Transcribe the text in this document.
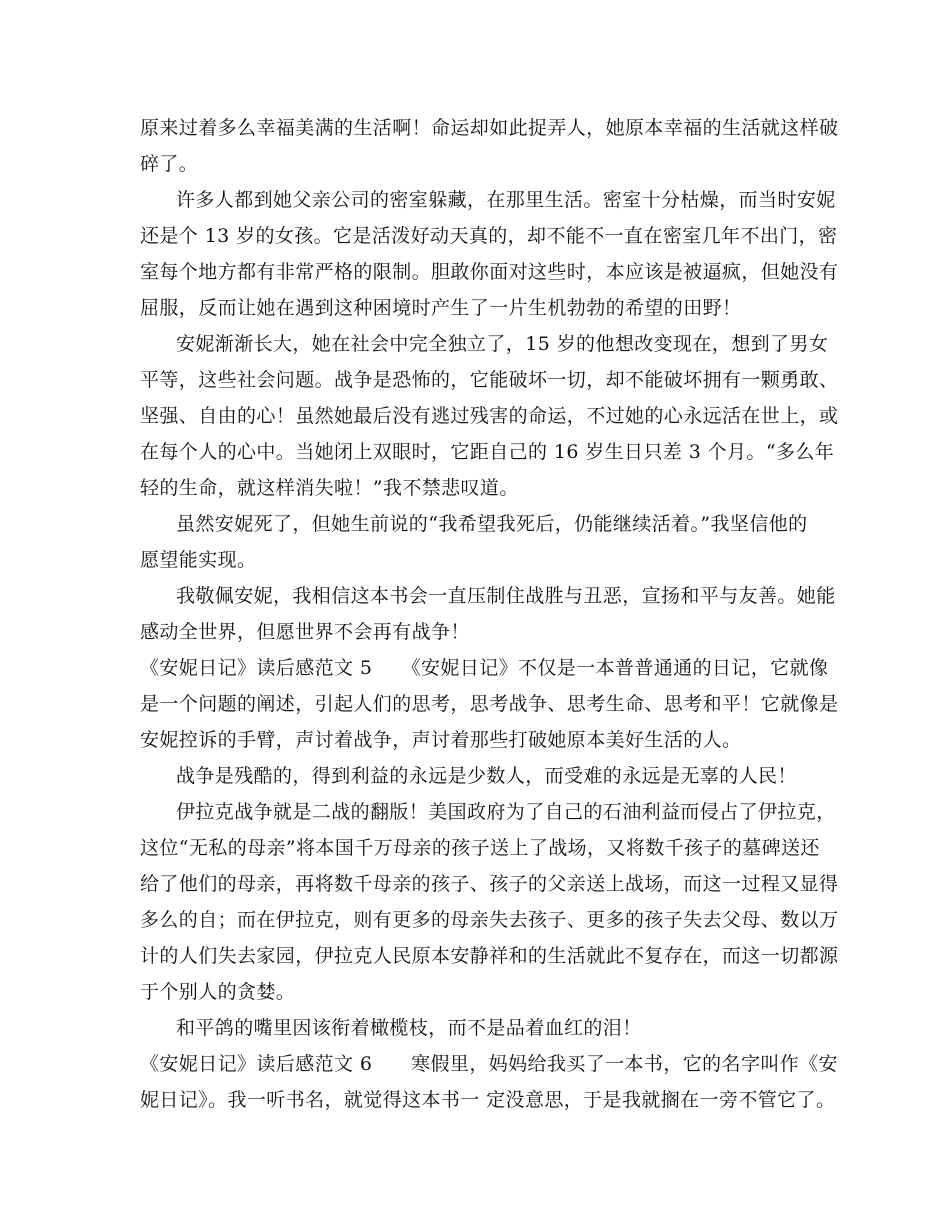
原来过着多么幸福美满的生活啊！命运却如此捉弄人，她原本幸福的生活就这样破
碎了。
许多人都到她父亲公司的密室躲藏，在那里生活。密室十分枯燥，而当时安妮
还是个 13 岁的女孩。它是活泼好动天真的，却不能不一直在密室几年不出门，密
室每个地方都有非常严格的限制。胆敢你面对这些时，本应该是被逼疯，但她没有
屈服，反而让她在遇到这种困境时产生了一片生机勃勃的希望的田野！
安妮渐渐长大，她在社会中完全独立了，15 岁的他想改变现在，想到了男女
平等，这些社会问题。战争是恐怖的，它能破坏一切，却不能破坏拥有一颗勇敢、
坚强、自由的心！虽然她最后没有逃过残害的命运，不过她的心永远活在世上，或
在每个人的心中。当她闭上双眼时，它距自己的 16 岁生日只差 3 个月。“多么年
轻的生命，就这样消失啦！”我不禁悲叹道。
虽然安妮死了，但她生前说的“我希望我死后，仍能继续活着。”我坚信他的
愿望能实现。
我敬佩安妮，我相信这本书会一直压制住战胜与丑恶，宣扬和平与友善。她能
感动全世界，但愿世界不会再有战争！
《安妮日记》读后感范文 5　　《安妮日记》不仅是一本普普通通的日记，它就像
是一个问题的阐述，引起人们的思考，思考战争、思考生命、思考和平！它就像是
安妮控诉的手臂，声讨着战争，声讨着那些打破她原本美好生活的人。
战争是残酷的，得到利益的永远是少数人，而受难的永远是无辜的人民！
伊拉克战争就是二战的翻版！美国政府为了自己的石油利益而侵占了伊拉克，
这位“无私的母亲”将本国千万母亲的孩子送上了战场，又将数千孩子的墓碑送还
给了他们的母亲，再将数千母亲的孩子、孩子的父亲送上战场，而这一过程又显得
多么的自；而在伊拉克，则有更多的母亲失去孩子、更多的孩子失去父母、数以万
计的人们失去家园，伊拉克人民原本安静祥和的生活就此不复存在，而这一切都源
于个别人的贪婪。
和平鸽的嘴里因该衔着橄榄枝，而不是品着血红的泪！
《安妮日记》读后感范文 6　　寒假里，妈妈给我买了一本书，它的名字叫作《安
妮日记》。我一听书名，就觉得这本书一 定没意思，于是我就搁在一旁不管它了。
